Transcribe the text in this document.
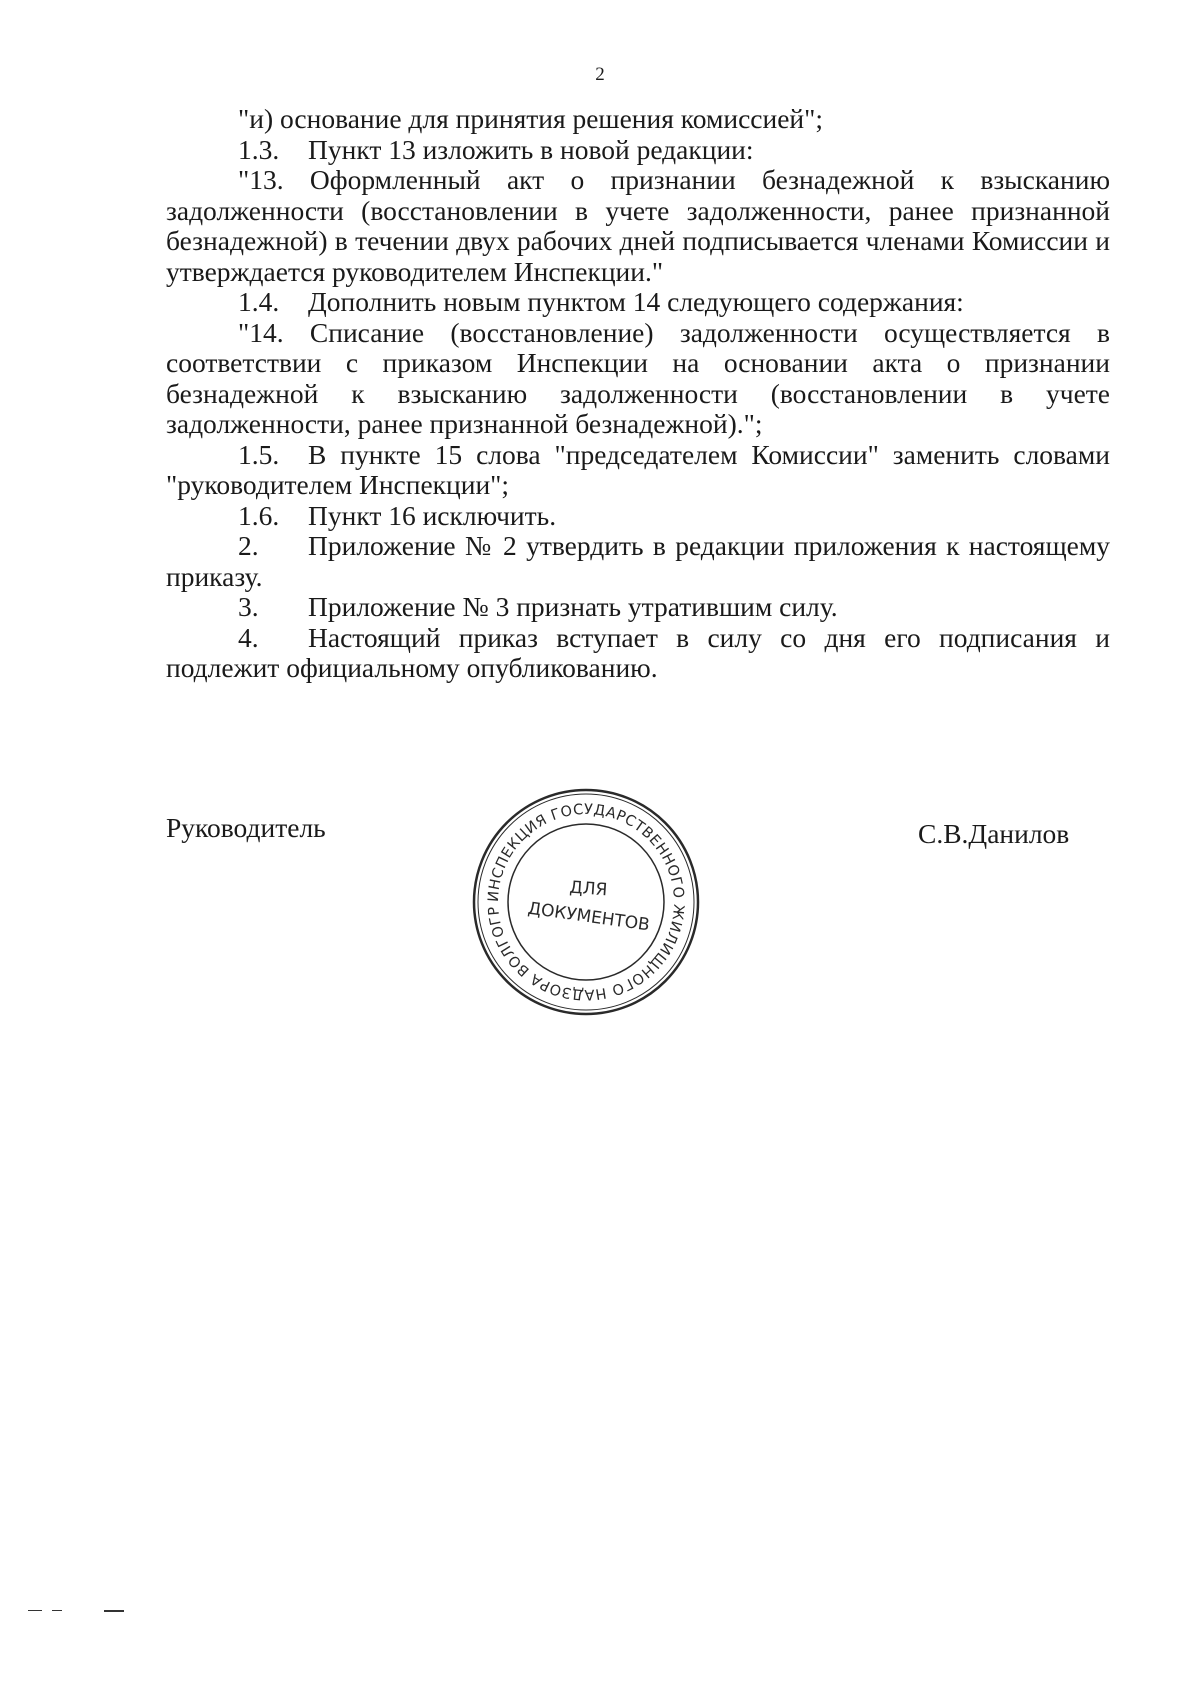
2

"и) основание для принятия решения комиссией";

1.3. Пункт 13 изложить в новой редакции:

"13. Оформленный акт о признании безнадежной к взысканию задолженности (восстановлении в учете задолженности, ранее признанной безнадежной) в течении двух рабочих дней подписывается членами Комиссии и утверждается руководителем Инспекции."

1.4. Дополнить новым пунктом 14 следующего содержания:

"14. Списание (восстановление) задолженности осуществляется в соответствии с приказом Инспекции на основании акта о признании безнадежной к взысканию задолженности (восстановлении в учете задолженности, ранее признанной безнадежной).";

1.5. В пункте 15 слова "председателем Комиссии" заменить словами "руководителем Инспекции";

1.6. Пункт 16 исключить.

2. Приложение № 2 утвердить в редакции приложения к настоящему приказу.

3. Приложение № 3 признать утратившим силу.

4. Настоящий приказ вступает в силу со дня его подписания и подлежит официальному опубликованию.

Руководитель
ИНСПЕКЦИЯ ГОСУДАРСТВЕННОГО ЖИЛИЩНОГО НАДЗОРА ВОЛГОГР
ДЛЯ
ДОКУМЕНТОВ
С.В.Данилов
